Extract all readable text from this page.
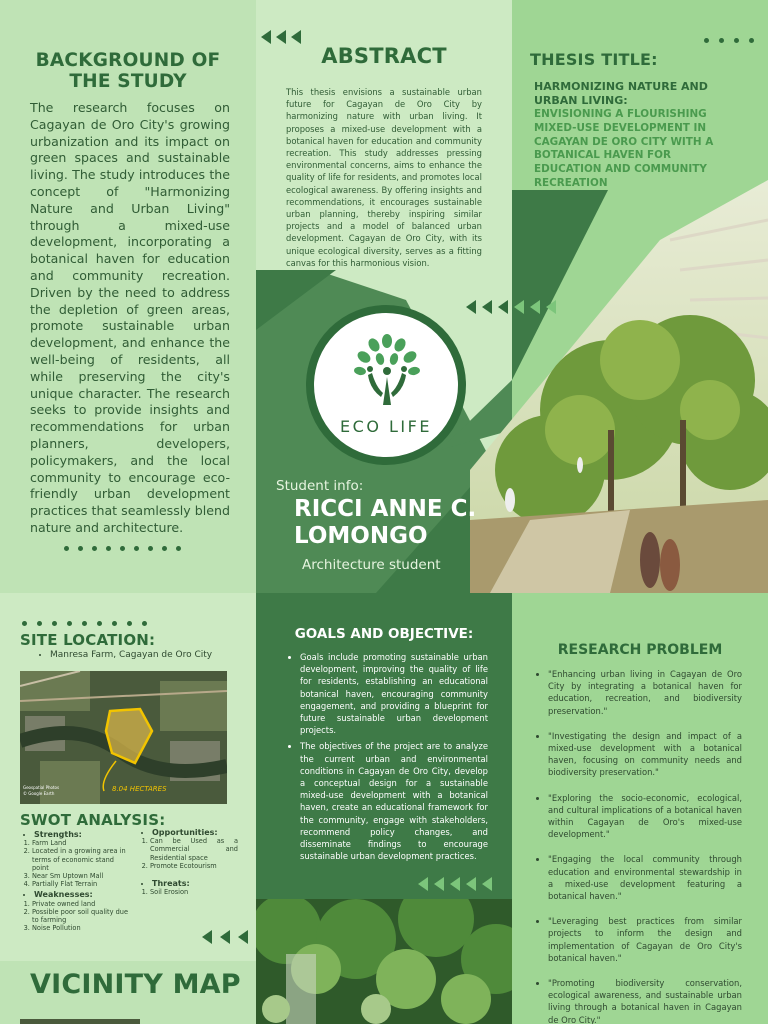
BACKGROUND OF THE STUDY
The research focuses on Cagayan de Oro City's growing urbanization and its impact on green spaces and sustainable living. The study introduces the concept of "Harmonizing Nature and Urban Living" through a mixed-use development, incorporating a botanical haven for education and community recreation. Driven by the need to address the depletion of green areas, promote sustainable urban development, and enhance the well-being of residents, all while preserving the city's unique character. The research seeks to provide insights and recommendations for urban planners, developers, policymakers, and the local community to encourage eco-friendly urban development practices that seamlessly blend nature and architecture.
ABSTRACT
This thesis envisions a sustainable urban future for Cagayan de Oro City by harmonizing nature with urban living. It proposes a mixed-use development with a botanical haven for education and community recreation. This study addresses pressing environmental concerns, aims to enhance the quality of life for residents, and promotes local ecological awareness. By offering insights and recommendations, it encourages sustainable urban planning, thereby inspiring similar projects and a model of balanced urban development. Cagayan de Oro City, with its unique ecological diversity, serves as a fitting canvas for this harmonious vision.
THESIS TITLE:
HARMONIZING NATURE AND URBAN LIVING:
ENVISIONING A FLOURISHING MIXED-USE DEVELOPMENT IN CAGAYAN DE ORO CITY WITH A BOTANICAL HAVEN FOR EDUCATION AND COMMUNITY RECREATION
ECO LIFE
Student info:
RICCI ANNE C.
LOMONGO
Architecture student
SITE LOCATION:
• Manresa Farm, Cagayan de Oro City
8.04 HECTARES
Geospatial Photos
© Google Earth
SWOT ANALYSIS:
• Strengths:
1. Farm Land
2. Located in a growing area in terms of economic stand point
3. Near Sm Uptown Mall
4. Partially Flat Terrain
• Weaknesses:
1. Private owned land
2. Possible poor soil quality due to farming
3. Noise Pollution
• Opportunities:
1. Can be Used as a Commercial and Residential space
2. Promote Ecotourism
• Threats:
1. Soil Erosion
VICINITY MAP
GOALS AND OBJECTIVE:
• Goals include promoting sustainable urban development, improving the quality of life for residents, establishing an educational botanical haven, encouraging community engagement, and providing a blueprint for future sustainable urban development projects.
• The objectives of the project are to analyze the current urban and environmental conditions in Cagayan de Oro City, develop a conceptual design for a sustainable mixed-use development with a botanical haven, create an educational framework for the community, engage with stakeholders, recommend policy changes, and disseminate findings to encourage sustainable urban development practices.
RESEARCH PROBLEM
• "Enhancing urban living in Cagayan de Oro City by integrating a botanical haven for education, recreation, and biodiversity preservation."
• "Investigating the design and impact of a mixed-use development with a botanical haven, focusing on community needs and biodiversity preservation."
• "Exploring the socio-economic, ecological, and cultural implications of a botanical haven within Cagayan de Oro's mixed-use development."
• "Engaging the local community through education and environmental stewardship in a mixed-use development featuring a botanical haven."
• "Leveraging best practices from similar projects to inform the design and implementation of Cagayan de Oro City's botanical haven."
• "Promoting biodiversity conservation, ecological awareness, and sustainable urban living through a botanical haven in Cagayan de Oro City."
